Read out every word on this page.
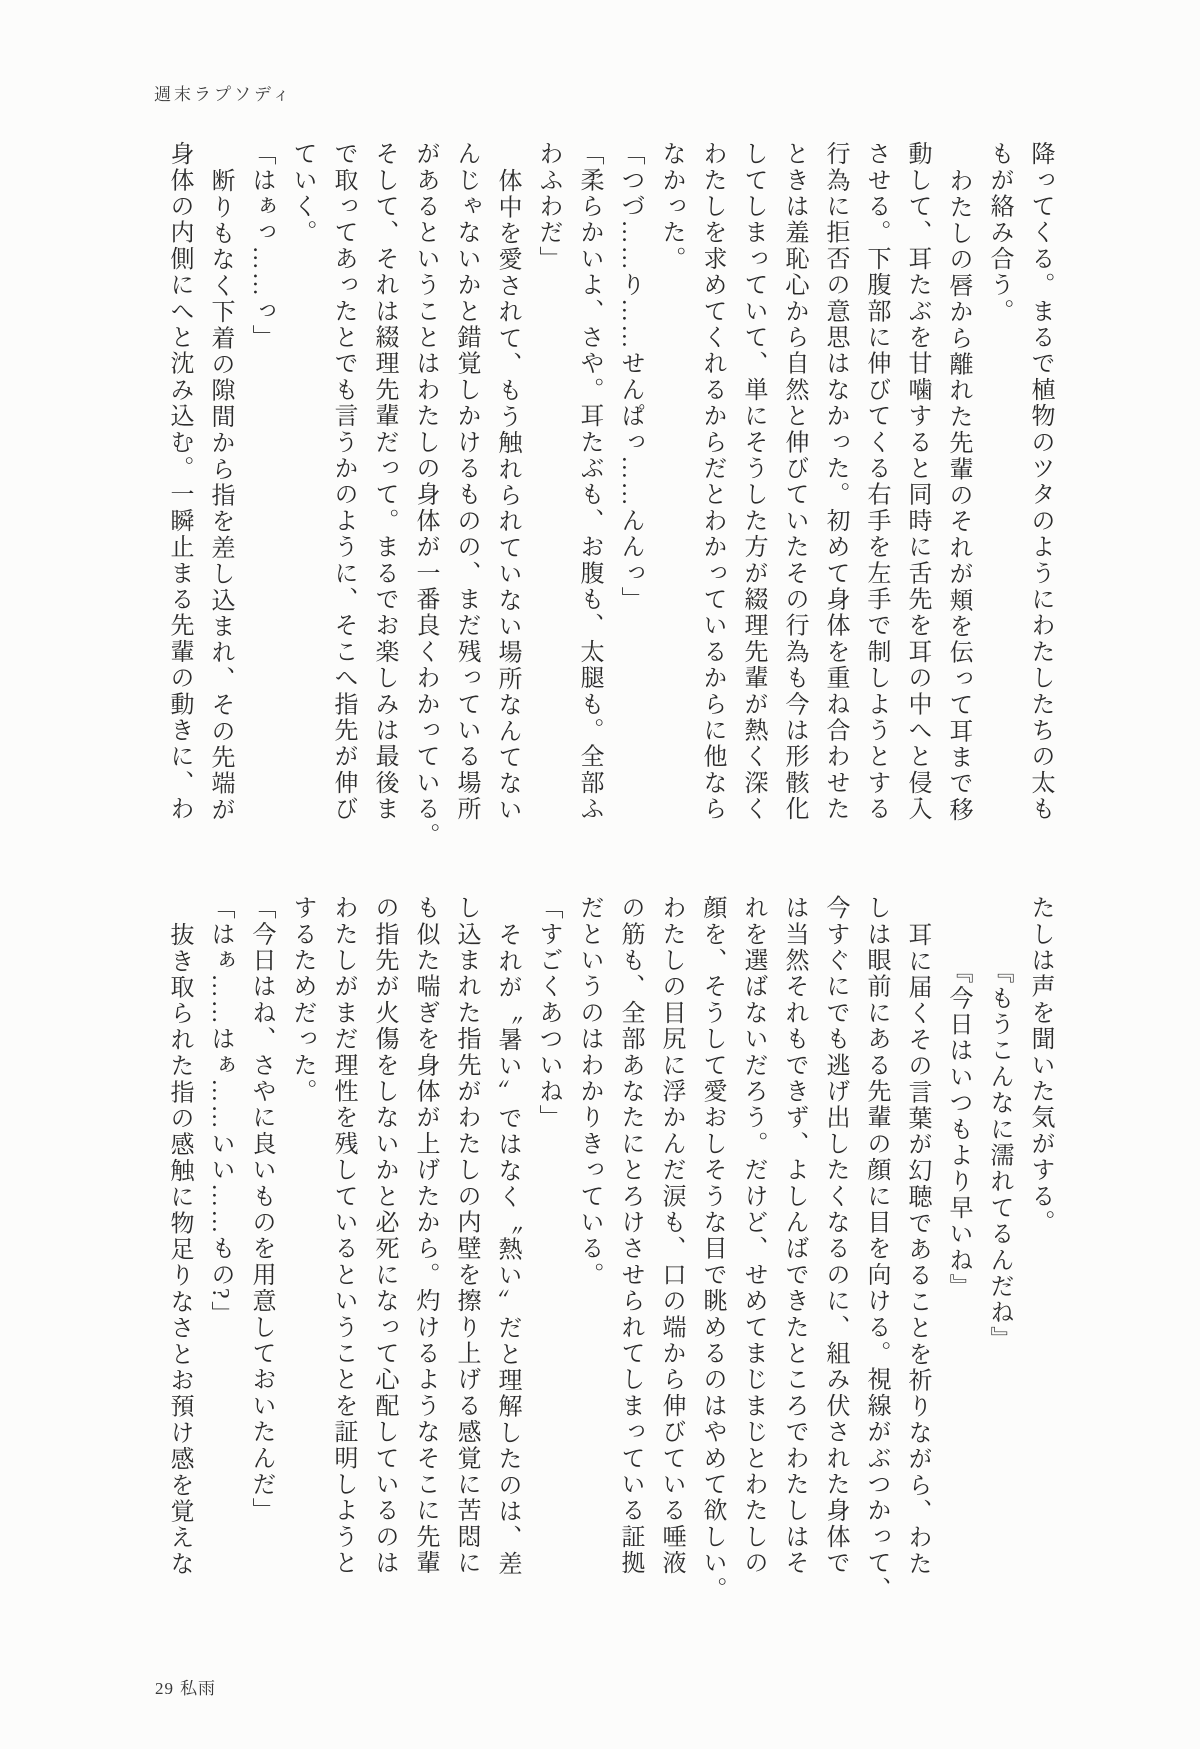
週末ラプソディ
降ってくる。まるで植物のツタのようにわたしたちの太も
もが絡み合う。
わたしの唇から離れた先輩のそれが頬を伝って耳まで移
動して、耳たぶを甘噛すると同時に舌先を耳の中へと侵入
させる。下腹部に伸びてくる右手を左手で制しようとする
行為に拒否の意思はなかった。初めて身体を重ね合わせた
ときは羞恥心から自然と伸びていたその行為も今は形骸化
してしまっていて、単にそうした方が綴理先輩が熱く深く
わたしを求めてくれるからだとわかっているからに他なら
なかった。
「つづ……り……せんぱっ……んんっ」
「柔らかいよ、さや。耳たぶも、お腹も、太腿も。全部ふ
わふわだ」
体中を愛されて、もう触れられていない場所なんてない
んじゃないかと錯覚しかけるものの、まだ残っている場所
があるということはわたしの身体が一番良くわかっている。
そして、それは綴理先輩だって。まるでお楽しみは最後ま
で取ってあったとでも言うかのように、そこへ指先が伸び
ていく。
「はぁっ……っ」
断りもなく下着の隙間から指を差し込まれ、その先端が
身体の内側にへと沈み込む。一瞬止まる先輩の動きに、わ
たしは声を聞いた気がする。
『もうこんなに濡れてるんだね』
『今日はいつもより早いね』
耳に届くその言葉が幻聴であることを祈りながら、わた
しは眼前にある先輩の顔に目を向ける。視線がぶつかって、
今すぐにでも逃げ出したくなるのに、組み伏された身体で
は当然それもできず、よしんばできたところでわたしはそ
れを選ばないだろう。だけど、せめてまじまじとわたしの
顔を、そうして愛おしそうな目で眺めるのはやめて欲しい。
わたしの目尻に浮かんだ涙も、口の端から伸びている唾液
の筋も、全部あなたにとろけさせられてしまっている証拠
だというのはわかりきっている。
「すごくあついね」
それが〝暑い〟ではなく〝熱い〟だと理解したのは、差
し込まれた指先がわたしの内壁を擦り上げる感覚に苦悶に
も似た喘ぎを身体が上げたから。灼けるようなそこに先輩
の指先が火傷をしないかと必死になって心配しているのは
わたしがまだ理性を残しているということを証明しようと
するためだった。
「今日はね、さやに良いものを用意しておいたんだ」
「はぁ……はぁ……いい……もの?」
抜き取られた指の感触に物足りなさとお預け感を覚えな
29 私雨
